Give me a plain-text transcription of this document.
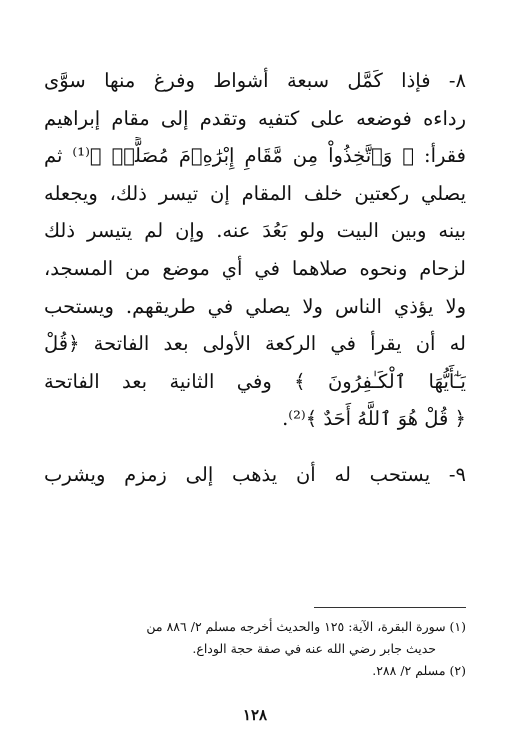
٨- فإذا كَمَّل سبعة أشواط وفرغ منها سوَّى
رداءه فوضعه على كتفيه وتقدم إلى مقام إبراهيم
فقرأ: ﴿ وَٱتَّخِذُواْ مِن مَّقَامِ إِبْرَٰهِۦمَ مُصَلًّىۖ ﴾⁽¹⁾ ثم
يصلي ركعتين خلف المقام إن تيسر ذلك، ويجعله
بينه وبين البيت ولو بَعُدَ عنه. وإن لم يتيسر ذلك
لزحام ونحوه صلاهما في أي موضع من المسجد،
ولا يؤذي الناس ولا يصلي في طريقهم. ويستحب
له أن يقرأ في الركعة الأولى بعد الفاتحة ﴿قُلْ
يَـٰٓأَيُّهَا ٱلْكَـٰفِرُونَ ﴾ وفي الثانية بعد الفاتحة
﴿ قُلْ هُوَ ٱللَّهُ أَحَدٌ ﴾⁽²⁾.
٩- يستحب له أن يذهب إلى زمزم ويشرب
(١) سورة البقرة، الآية: ١٢٥ والحديث أخرجه مسلم ٢/ ٨٨٦ من
حديث جابر رضي الله عنه في صفة حجة الوداع.
(٢) مسلم ٢/ ٢٨٨.
١٢٨
